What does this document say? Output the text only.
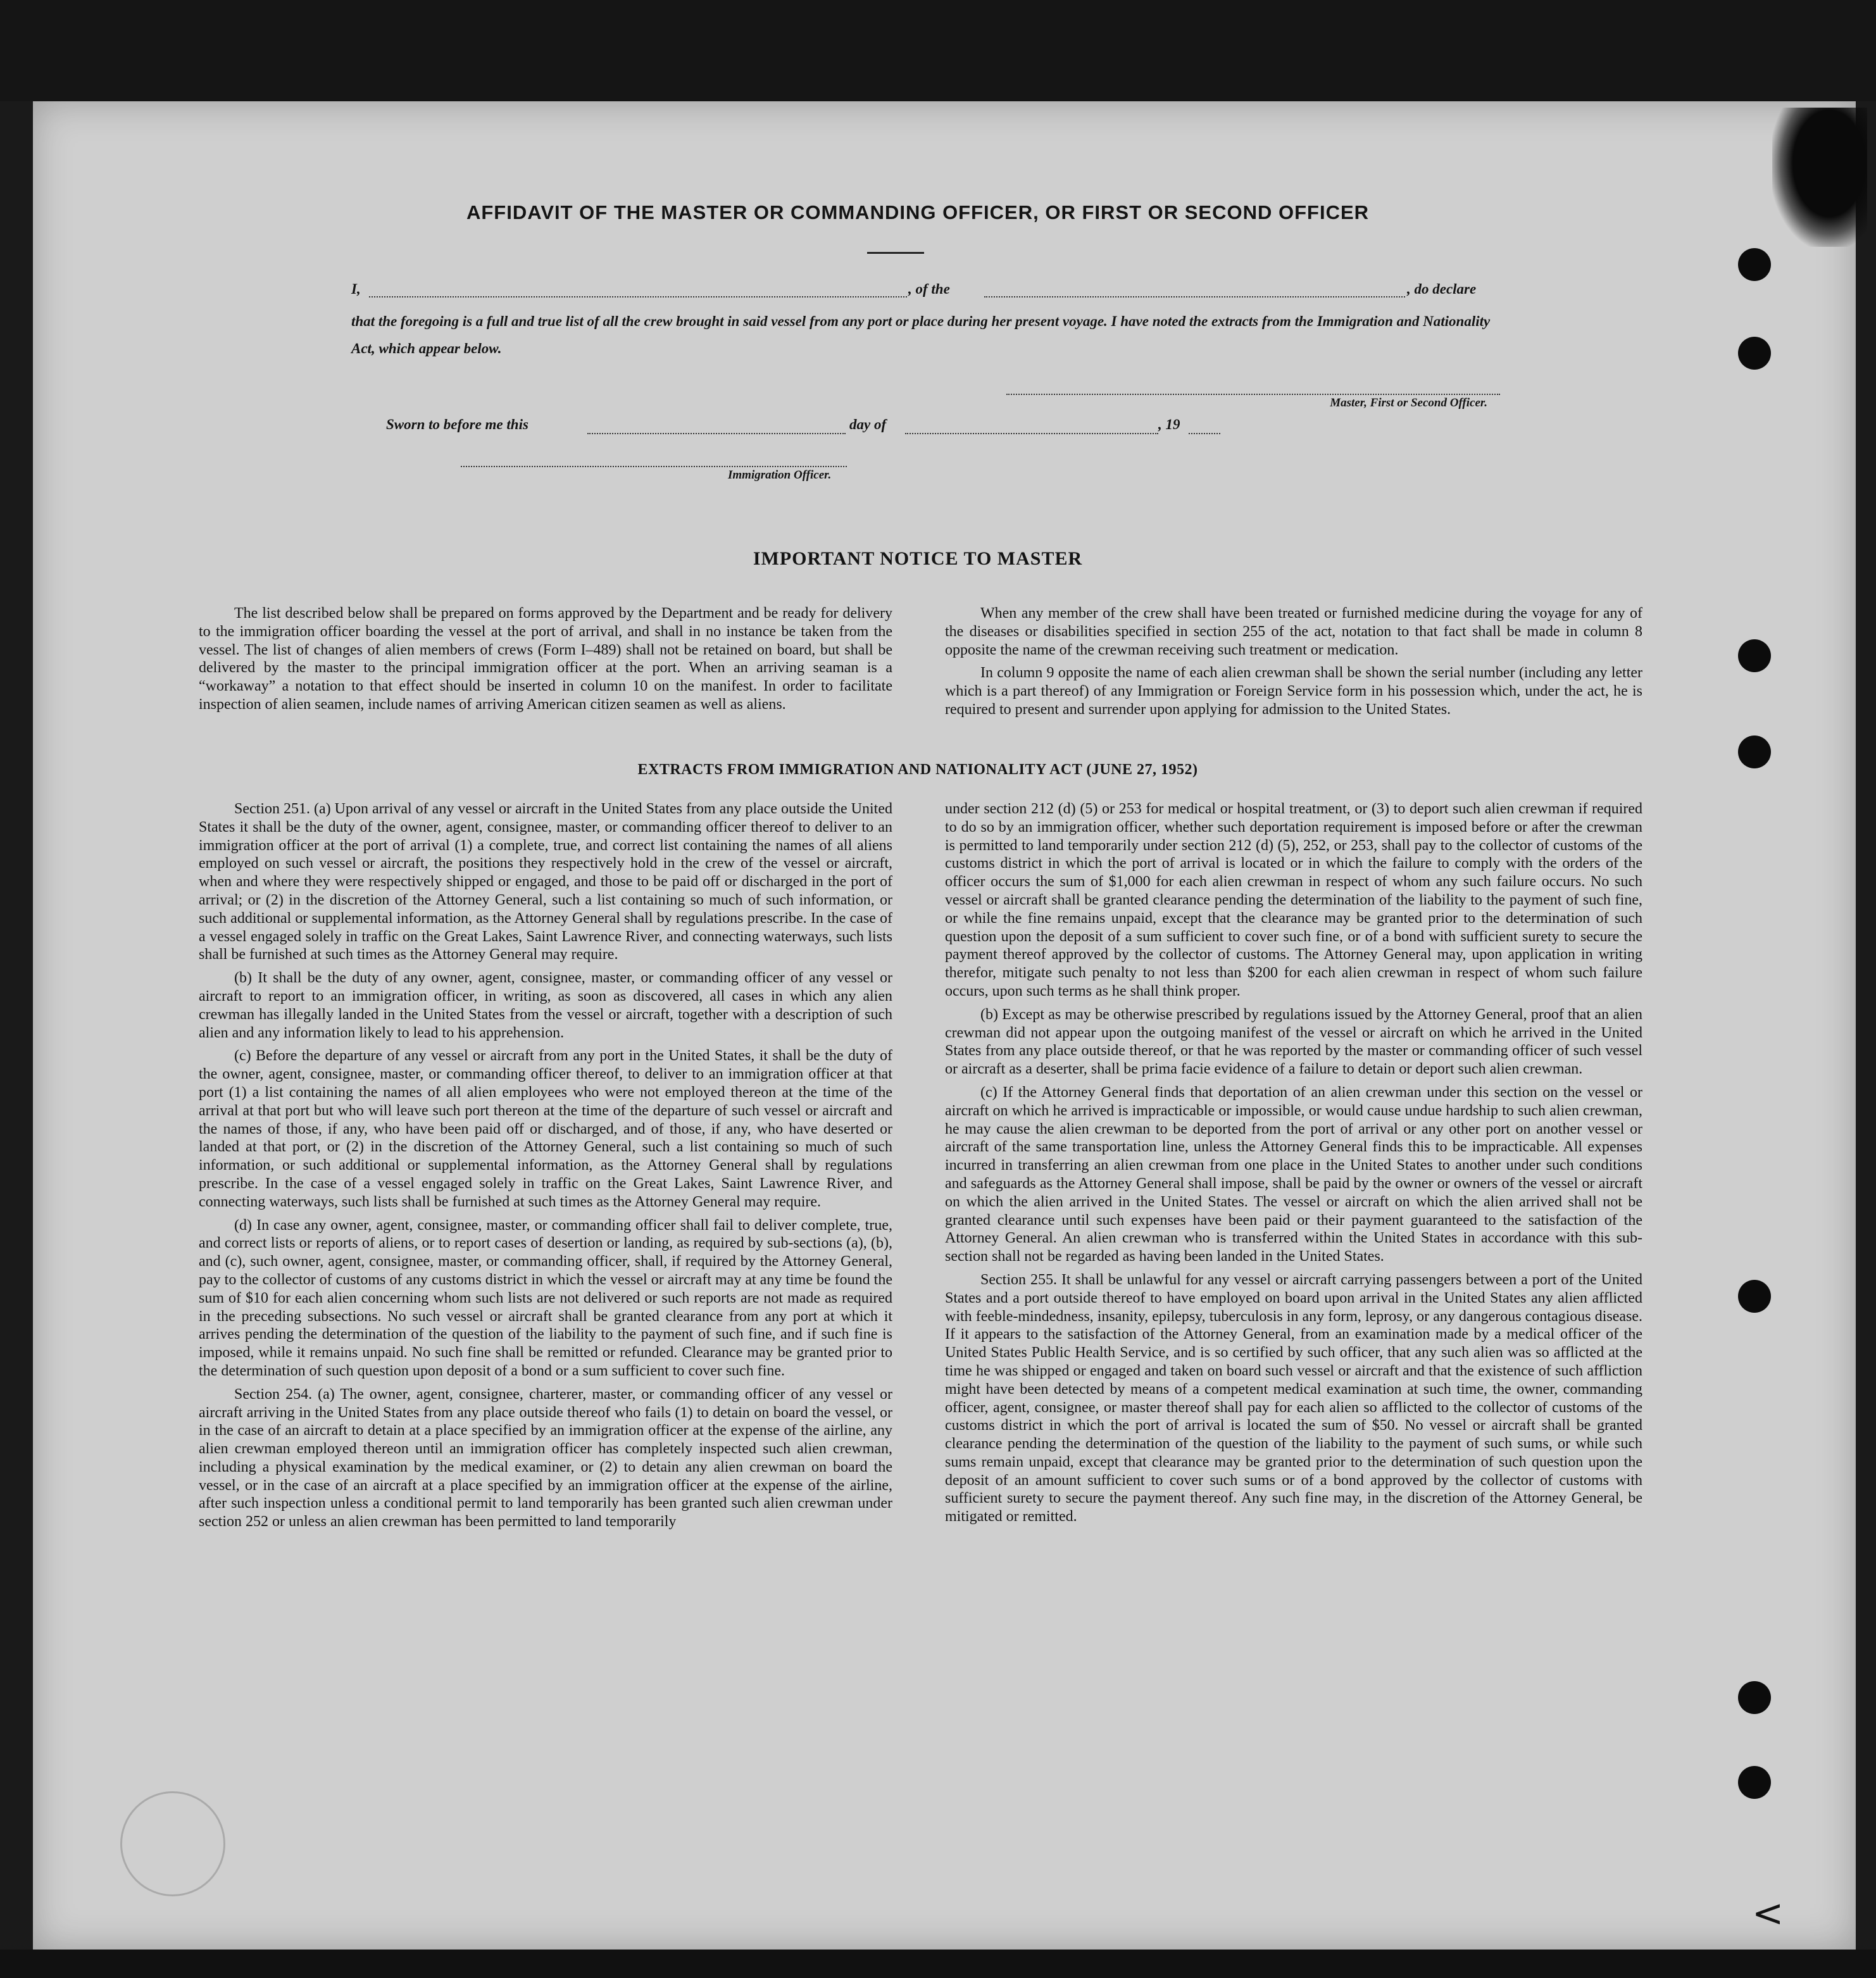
AFFIDAVIT OF THE MASTER OR COMMANDING OFFICER, OR FIRST OR SECOND OFFICER
I,	, of the	, do declare
that the foregoing is a full and true list of all the crew brought in said vessel from any port or place during her present voyage. I have noted the extracts from the Immigration and Nationality Act, which appear below.
Master, First or Second Officer.
Sworn to before me this	day of	, 19
Immigration Officer.
IMPORTANT NOTICE TO MASTER

The list described below shall be prepared on forms approved by the Department and be ready for delivery to the immigration officer boarding the vessel at the port of arrival, and shall in no instance be taken from the vessel. The list of changes of alien members of crews (Form I–489) shall not be retained on board, but shall be delivered by the master to the principal immigration officer at the port. When an arriving seaman is a “workaway” a notation to that effect should be inserted in column 10 on the manifest. In order to facilitate inspection of alien seamen, include names of arriving American citizen seamen as well as aliens.

When any member of the crew shall have been treated or furnished medicine during the voyage for any of the diseases or disabilities specified in section 255 of the act, notation to that fact shall be made in column 8 opposite the name of the crewman receiving such treatment or medication.

In column 9 opposite the name of each alien crewman shall be shown the serial number (including any letter which is a part thereof) of any Immigration or Foreign Service form in his possession which, under the act, he is required to present and surrender upon applying for admission to the United States.

EXTRACTS FROM IMMIGRATION AND NATIONALITY ACT (JUNE 27, 1952)

Section 251. (a) Upon arrival of any vessel or aircraft in the United States from any place outside the United States it shall be the duty of the owner, agent, consignee, master, or commanding officer thereof to deliver to an immigration officer at the port of arrival (1) a complete, true, and correct list containing the names of all aliens employed on such vessel or aircraft, the positions they respectively hold in the crew of the vessel or aircraft, when and where they were respectively shipped or engaged, and those to be paid off or discharged in the port of arrival; or (2) in the discretion of the Attorney General, such a list containing so much of such information, or such additional or supplemental information, as the Attorney General shall by regulations prescribe. In the case of a vessel engaged solely in traffic on the Great Lakes, Saint Lawrence River, and connecting waterways, such lists shall be furnished at such times as the Attorney General may require.

(b) It shall be the duty of any owner, agent, consignee, master, or commanding officer of any vessel or aircraft to report to an immigration officer, in writing, as soon as discovered, all cases in which any alien crewman has illegally landed in the United States from the vessel or aircraft, together with a description of such alien and any information likely to lead to his apprehension.

(c) Before the departure of any vessel or aircraft from any port in the United States, it shall be the duty of the owner, agent, consignee, master, or commanding officer thereof, to deliver to an immigration officer at that port (1) a list containing the names of all alien employees who were not employed thereon at the time of the arrival at that port but who will leave such port thereon at the time of the departure of such vessel or aircraft and the names of those, if any, who have been paid off or discharged, and of those, if any, who have deserted or landed at that port, or (2) in the discretion of the Attorney General, such a list containing so much of such information, or such additional or supplemental information, as the Attorney General shall by regulations prescribe. In the case of a vessel engaged solely in traffic on the Great Lakes, Saint Lawrence River, and connecting waterways, such lists shall be furnished at such times as the Attorney General may require.

(d) In case any owner, agent, consignee, master, or commanding officer shall fail to deliver complete, true, and correct lists or reports of aliens, or to report cases of desertion or landing, as required by sub-sections (a), (b), and (c), such owner, agent, consignee, master, or commanding officer, shall, if required by the Attorney General, pay to the collector of customs of any customs district in which the vessel or aircraft may at any time be found the sum of $10 for each alien concerning whom such lists are not delivered or such reports are not made as required in the preceding subsections. No such vessel or aircraft shall be granted clearance from any port at which it arrives pending the determination of the question of the liability to the payment of such fine, and if such fine is imposed, while it remains unpaid. No such fine shall be remitted or refunded. Clearance may be granted prior to the determination of such question upon deposit of a bond or a sum sufficient to cover such fine.

Section 254. (a) The owner, agent, consignee, charterer, master, or commanding officer of any vessel or aircraft arriving in the United States from any place outside thereof who fails (1) to detain on board the vessel, or in the case of an aircraft to detain at a place specified by an immigration officer at the expense of the airline, any alien crewman employed thereon until an immigration officer has completely inspected such alien crewman, including a physical examination by the medical examiner, or (2) to detain any alien crewman on board the vessel, or in the case of an aircraft at a place specified by an immigration officer at the expense of the airline, after such inspection unless a conditional permit to land temporarily has been granted such alien crewman under section 252 or unless an alien crewman has been permitted to land temporarily

under section 212 (d) (5) or 253 for medical or hospital treatment, or (3) to deport such alien crewman if required to do so by an immigration officer, whether such deportation requirement is imposed before or after the crewman is permitted to land temporarily under section 212 (d) (5), 252, or 253, shall pay to the collector of customs of the customs district in which the port of arrival is located or in which the failure to comply with the orders of the officer occurs the sum of $1,000 for each alien crewman in respect of whom any such failure occurs. No such vessel or aircraft shall be granted clearance pending the determination of the liability to the payment of such fine, or while the fine remains unpaid, except that the clearance may be granted prior to the determination of such question upon the deposit of a sum sufficient to cover such fine, or of a bond with sufficient surety to secure the payment thereof approved by the collector of customs. The Attorney General may, upon application in writing therefor, mitigate such penalty to not less than $200 for each alien crewman in respect of whom such failure occurs, upon such terms as he shall think proper.

(b) Except as may be otherwise prescribed by regulations issued by the Attorney General, proof that an alien crewman did not appear upon the outgoing manifest of the vessel or aircraft on which he arrived in the United States from any place outside thereof, or that he was reported by the master or commanding officer of such vessel or aircraft as a deserter, shall be prima facie evidence of a failure to detain or deport such alien crewman.

(c) If the Attorney General finds that deportation of an alien crewman under this section on the vessel or aircraft on which he arrived is impracticable or impossible, or would cause undue hardship to such alien crewman, he may cause the alien crewman to be deported from the port of arrival or any other port on another vessel or aircraft of the same transportation line, unless the Attorney General finds this to be impracticable. All expenses incurred in transferring an alien crewman from one place in the United States to another under such conditions and safeguards as the Attorney General shall impose, shall be paid by the owner or owners of the vessel or aircraft on which the alien arrived in the United States. The vessel or aircraft on which the alien arrived shall not be granted clearance until such expenses have been paid or their payment guaranteed to the satisfaction of the Attorney General. An alien crewman who is transferred within the United States in accordance with this sub-section shall not be regarded as having been landed in the United States.

Section 255. It shall be unlawful for any vessel or aircraft carrying passengers between a port of the United States and a port outside thereof to have employed on board upon arrival in the United States any alien afflicted with feeble-mindedness, insanity, epilepsy, tuberculosis in any form, leprosy, or any dangerous contagious disease. If it appears to the satisfaction of the Attorney General, from an examination made by a medical officer of the United States Public Health Service, and is so certified by such officer, that any such alien was so afflicted at the time he was shipped or engaged and taken on board such vessel or aircraft and that the existence of such affliction might have been detected by means of a competent medical examination at such time, the owner, commanding officer, agent, consignee, or master thereof shall pay for each alien so afflicted to the collector of customs of the customs district in which the port of arrival is located the sum of $50. No vessel or aircraft shall be granted clearance pending the determination of the question of the liability to the payment of such sums, or while such sums remain unpaid, except that clearance may be granted prior to the determination of such question upon the deposit of an amount sufficient to cover such sums or of a bond approved by the collector of customs with sufficient surety to secure the payment thereof. Any such fine may, in the discretion of the Attorney General, be mitigated or remitted.

<
